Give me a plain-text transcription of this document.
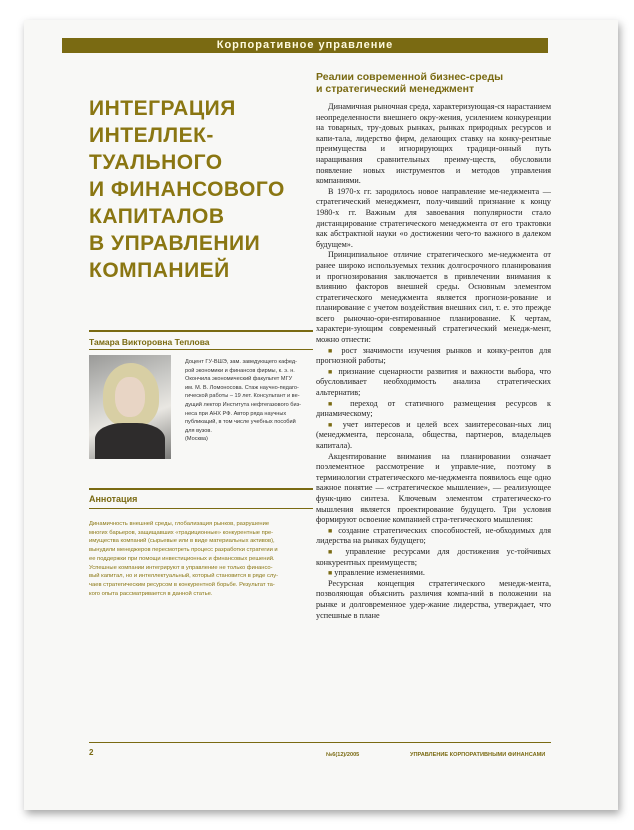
Корпоративное управление
ИНТЕГРАЦИЯ
ИНТЕЛЛЕК-
ТУАЛЬНОГО
И ФИНАНСОВОГО
КАПИТАЛОВ
В УПРАВЛЕНИИ
КОМПАНИЕЙ
Тамара Викторовна Теплова

Доцент ГУ-ВШЭ, зам. заведующего кафед-

рой экономики и финансов фирмы, к. э. н.

Окончила экономический факультет МГУ

им. М. В. Ломоносова. Стаж научно-педаго-

гической работы – 19 лет. Консультант и ве-

дущий лектор Института нефтегазового биз-

неса при АНХ РФ. Автор ряда научных

публикаций, в том числе учебных пособий

для вузов.

(Москва)

Аннотация

Динамичность внешней среды, глобализация рынков, разрушение

многих барьеров, защищавших «традиционные» конкурентные пре-

имущества компаний (сырьевые или в виде материальных активов),

вынудили менеджеров пересмотреть процесс разработки стратегии и

ее поддержки при помощи инвестиционных и финансовых решений.

Успешные компании интегрируют в управление не только финансо-

вый капитал, но и интеллектуальный, который становится в ряде слу-

чаев стратегическим ресурсом в конкурентной борьбе. Результат та-

кого опыта рассматривается в данной статье.

Реалии современной бизнес-среды
и стратегический менеджмент

Динамичная рыночная среда, характеризующая-ся нарастанием неопределенности внешнего окру-жения, усилением конкуренции на товарных, тру-довых рынках, рынках природных ресурсов и капи-тала, лидерство фирм, делающих ставку на конку-рентные преимущества и игнорирующих традици-онный путь наращивания сравнительных преиму-ществ, обусловили появление новых инструментов и методов управления компаниями.

В 1970-х гг. зародилось новое направление ме-неджмента — стратегический менеджмент, полу-чивший признание к концу 1980-х гг. Важным для завоевания популярности стало дистанцирование стратегического менеджмента от его трактовки как абстрактной науки «о достижении чего-то важного в далеком будущем».

Принципиальное отличие стратегического ме-неджмента от ранее широко используемых техник долгосрочного планирования и прогнозирования заключается в привлечении внимания к влиянию факторов внешней среды. Основным элементом стратегического менеджмента является прогнози-рование и планирование с учетом воздействия внешних сил, т. е. это прежде всего рыночно-ори-ентированное планирование. К чертам, характери-зующим современный стратегический менедж-мент, можно отнести:

■ рост значимости изучения рынков и конку-рентов для прогнозной работы;

■ признание сценарности развития и важности выбора, что обусловливает необходимость анализа стратегических альтернатив;

■ переход от статичного размещения ресурсов к динамическому;

■ учет интересов и целей всех заинтересован-ных лиц (менеджмента, персонала, общества, партнеров, владельцев капитала).

Акцентирование внимания на планировании означает поэлементное рассмотрение и управле-ние, поэтому в терминологии стратегического ме-неджмента появилось еще одно важное понятие — «стратегическое мышление», — реализующее функ-цию синтеза. Ключевым элементом стратегическо-го мышления является проектирование будущего. Три условия формируют освоение компанией стра-тегического мышления:

■ создание стратегических способностей, не-обходимых для лидерства на рынках будущего;

■ управление ресурсами для достижения ус-тойчивых конкурентных преимуществ;

■ управление изменениями.

Ресурсная концепция стратегического менедж-мента, позволяющая объяснить различия компа-ний в положении на рынке и долговременное удер-жание лидерства, утверждает, что успешные в плане

2	№6(12)/2005	УПРАВЛЕНИЕ КОРПОРАТИВНЫМИ ФИНАНСАМИ
